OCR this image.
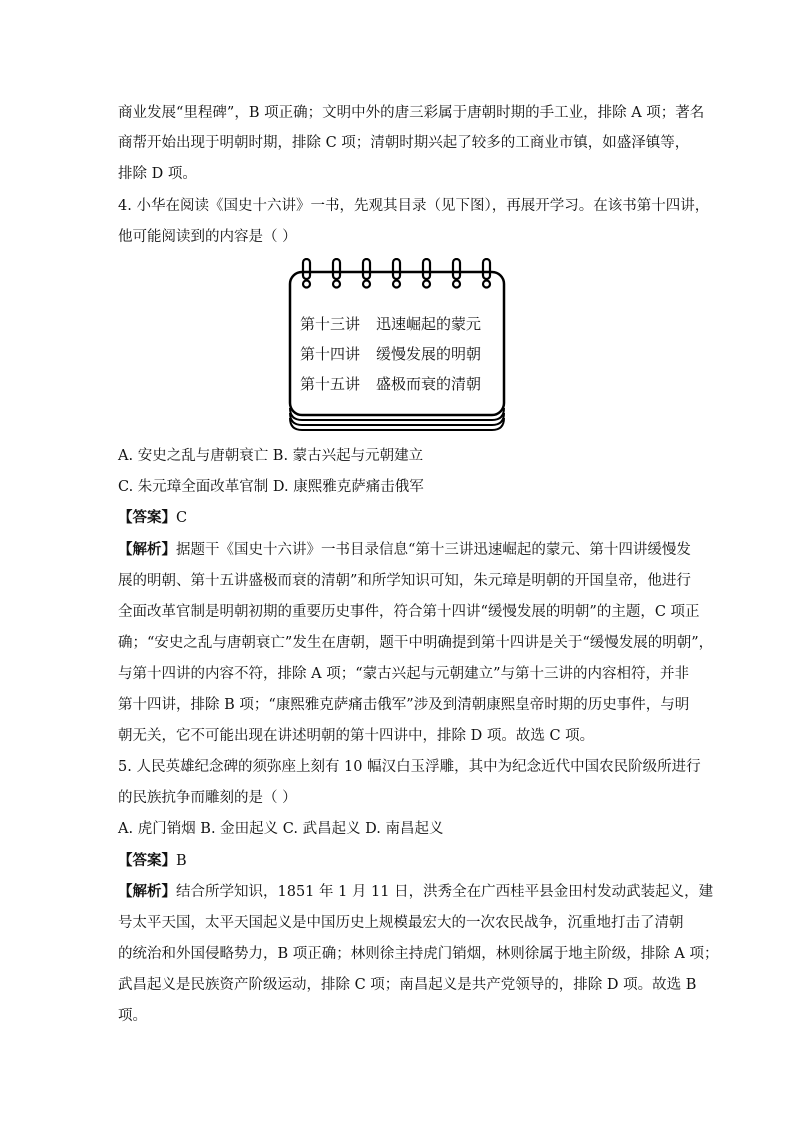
商业发展“里程碑”，B 项正确；文明中外的唐三彩属于唐朝时期的手工业，排除 A 项；著名
商帮开始出现于明朝时期，排除 C 项；清朝时期兴起了较多的工商业市镇，如盛泽镇等，
排除 D 项。
4. 小华在阅读《国史十六讲》一书，先观其目录（见下图），再展开学习。在该书第十四讲，
他可能阅读到的内容是（ ）
第十三讲 迅速崛起的蒙元
第十四讲 缓慢发展的明朝
第十五讲 盛极而衰的清朝
A. 安史之乱与唐朝衰亡 B. 蒙古兴起与元朝建立
C. 朱元璋全面改革官制 D. 康熙雅克萨痛击俄军
【答案】C
【解析】据题干《国史十六讲》一书目录信息“第十三讲迅速崛起的蒙元、第十四讲缓慢发
展的明朝、第十五讲盛极而衰的清朝”和所学知识可知，朱元璋是明朝的开国皇帝，他进行
全面改革官制是明朝初期的重要历史事件，符合第十四讲“缓慢发展的明朝”的主题，C 项正
确；“安史之乱与唐朝衰亡”发生在唐朝，题干中明确提到第十四讲是关于“缓慢发展的明朝”，
与第十四讲的内容不符，排除 A 项；“蒙古兴起与元朝建立”与第十三讲的内容相符，并非
第十四讲，排除 B 项；“康熙雅克萨痛击俄军”涉及到清朝康熙皇帝时期的历史事件，与明
朝无关，它不可能出现在讲述明朝的第十四讲中，排除 D 项。故选 C 项。
5. 人民英雄纪念碑的须弥座上刻有 10 幅汉白玉浮雕，其中为纪念近代中国农民阶级所进行
的民族抗争而雕刻的是（ ）
A. 虎门销烟 B. 金田起义 C. 武昌起义 D. 南昌起义
【答案】B
【解析】结合所学知识，1851 年 1 月 11 日，洪秀全在广西桂平县金田村发动武装起义，建
号太平天国，太平天国起义是中国历史上规模最宏大的一次农民战争，沉重地打击了清朝
的统治和外国侵略势力，B 项正确；林则徐主持虎门销烟，林则徐属于地主阶级，排除 A 项；
武昌起义是民族资产阶级运动，排除 C 项；南昌起义是共产党领导的，排除 D 项。故选 B
项。
